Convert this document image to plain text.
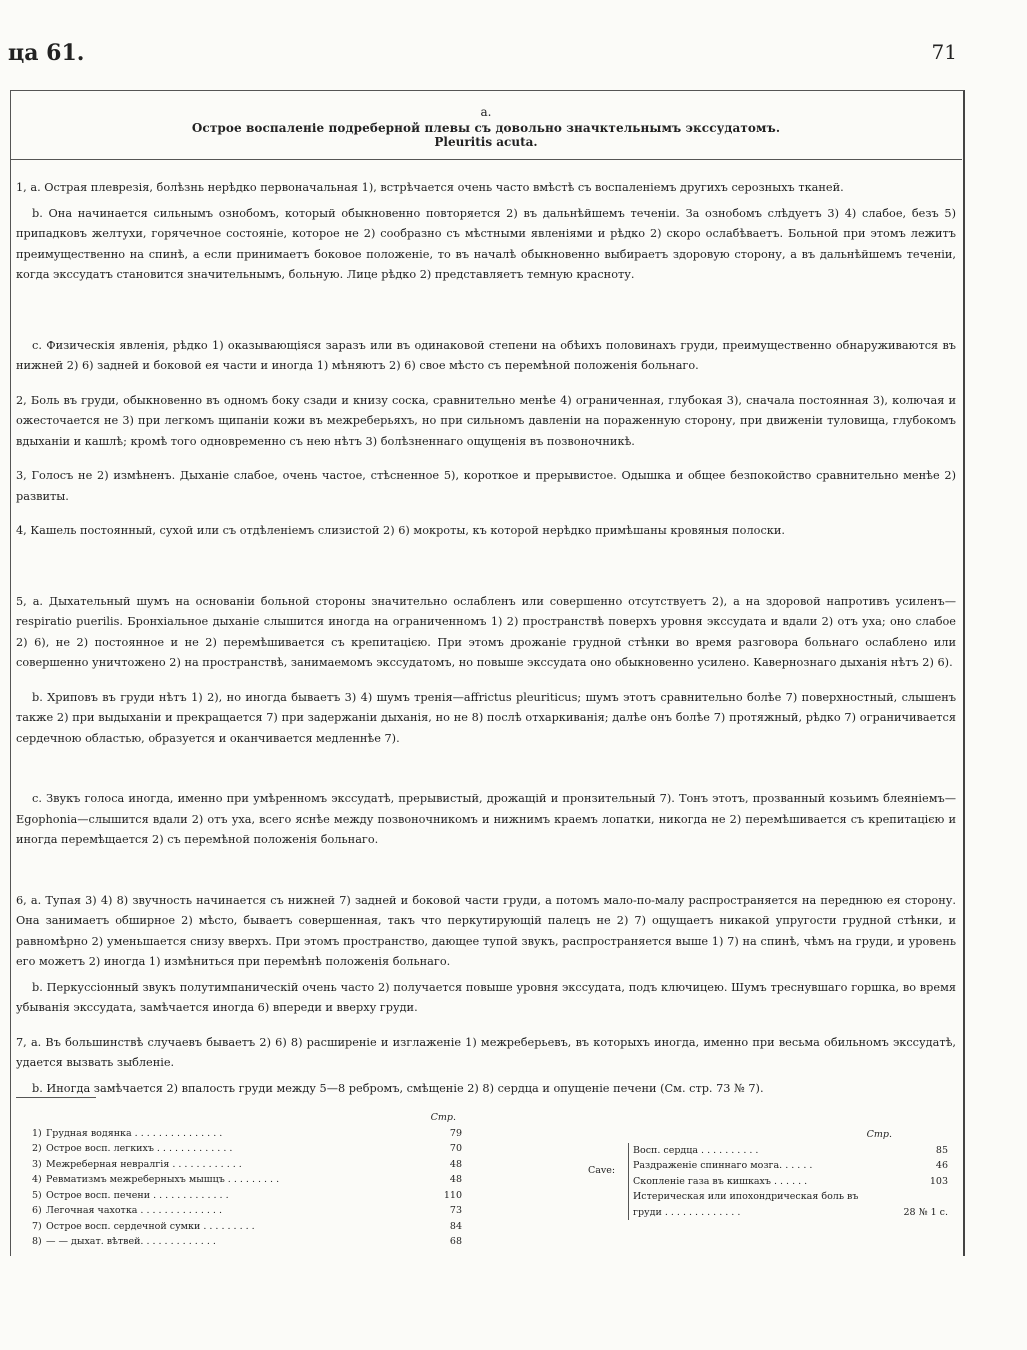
ца 61.	71
a.
Острое воспаленіе подреберной плевы съ довольно значктельнымъ экссудатомъ.
Pleuritis acuta.

1, а. Острая плеврезія, болѣзнь нерѣдко первоначальная 1), встрѣчается очень часто вмѣстѣ съ воспаленіемъ другихъ серозныхъ тканей.

b. Она начинается сильнымъ ознобомъ, который обыкновенно повторяется 2) въ дальнѣйшемъ теченіи. За ознобомъ слѣдуетъ 3) 4) слабое, безъ 5) припадковъ желтухи, горячечное состояніе, которое не 2) сообразно съ мѣстными явленіями и рѣдко 2) скоро ослабѣваетъ. Больной при этомъ лежитъ преимущественно на спинѣ, а если принимаетъ боковое положеніе, то въ началѣ обыкновенно выбираетъ здоровую сторону, а въ дальнѣйшемъ теченіи, когда экссудатъ становится значительнымъ, больную. Лице рѣдко 2) представляетъ темную красноту.

c. Физическія явленія, рѣдко 1) оказывающіяся заразъ или въ одинаковой степени на обѣихъ половинахъ груди, преимущественно обнаруживаются въ нижней 2) 6) задней и боковой ея части и иногда 1) мѣняютъ 2) 6) свое мѣсто съ перемѣной положенія больнаго.

2, Боль въ груди, обыкновенно въ одномъ боку сзади и книзу соска, сравнительно менѣе 4) ограниченная, глубокая 3), сначала постоянная 3), колючая и ожесточается не 3) при легкомъ щипаніи кожи въ межреберьяхъ, но при сильномъ давленіи на пораженную сторону, при движеніи туловища, глубокомъ вдыханіи и кашлѣ; кромѣ того одновременно съ нею нѣтъ 3) болѣзненнаго ощущенія въ позвоночникѣ.

3, Голосъ не 2) измѣненъ. Дыханіе слабое, очень частое, стѣсненное 5), короткое и прерывистое. Одышка и общее безпокойство сравнительно менѣе 2) развиты.

4, Кашель постоянный, сухой или съ отдѣленіемъ слизистой 2) 6) мокроты, къ которой нерѣдко примѣшаны кровяныя полоски.

5, а. Дыхательный шумъ на основаніи больной стороны значительно ослабленъ или совершенно отсутствуетъ 2), а на здоровой напротивъ усиленъ—respiratio puerilis. Бронхіальное дыханіе слышится иногда на ограниченномъ 1) 2) пространствѣ поверхъ уровня экссудата и вдали 2) отъ уха; оно слабое 2) 6), не 2) постоянное и не 2) перемѣшивается съ крепитацією. При этомъ дрожаніе грудной стѣнки во время разговора больнаго ослаблено или совершенно уничтожено 2) на пространствѣ, занимаемомъ экссудатомъ, но повыше экссудата оно обыкновенно усилено. Кавернознаго дыханія нѣтъ 2) 6).

b. Хриповъ въ груди нѣтъ 1) 2), но иногда бываетъ 3) 4) шумъ тренія—affrictus pleuriticus; шумъ этотъ сравнительно болѣе 7) поверхностный, слышенъ также 2) при выдыханіи и прекращается 7) при задержаніи дыханія, но не 8) послѣ отхаркиванія; далѣе онъ болѣе 7) протяжный, рѣдко 7) ограничивается сердечною областью, образуется и оканчивается медленнѣе 7).

c. Звукъ голоса иногда, именно при умѣренномъ экссудатѣ, прерывистый, дрожащій и пронзительный 7). Тонъ этотъ, прозванный козьимъ блеяніемъ—Egophonia—слышится вдали 2) отъ уха, всего яснѣе между позвоночникомъ и нижнимъ краемъ лопатки, никогда не 2) перемѣшивается съ крепитацією и иногда перемѣщается 2) съ перемѣной положенія больнаго.

6, а. Тупая 3) 4) 8) звучность начинается съ нижней 7) задней и боковой части груди, а потомъ мало-по-малу распространяется на переднюю ея сторону. Она занимаетъ обширное 2) мѣсто, бываетъ совершенная, такъ что перкутирующій палецъ не 2) 7) ощущаетъ никакой упругости грудной стѣнки, и равномѣрно 2) уменьшается снизу вверхъ. При этомъ пространство, дающее тупой звукъ, распространяется выше 1) 7) на спинѣ, чѣмъ на груди, и уровень его можетъ 2) иногда 1) измѣниться при перемѣнѣ положенія больнаго.

b. Перкуссіонный звукъ полутимпаническій очень часто 2) получается повыше уровня экссудата, подъ ключицею. Шумъ треснувшаго горшка, во время убыванія экссудата, замѣчается иногда 6) впереди и вверху груди.

7, а. Въ большинствѣ случаевъ бываетъ 2) 6) 8) расширеніе и изглаженіе 1) межреберьевъ, въ которыхъ иногда, именно при весьма обильномъ экссудатѣ, удается вызвать зыбленіе.

b. Иногда замѣчается 2) впалость груди между 5—8 ребромъ, смѣщеніе 2) 8) сердца и опущеніе печени (См. стр. 73 № 7).

Стр.
1) Грудная водянка . . . . . . . . . . . . . . .	79
2) Острое восп. легкихъ . . . . . . . . . . . . .	70
3) Межреберная невралгія . . . . . . . . . . . .	48
4) Ревматизмъ межреберныхъ мышцъ . . . . . . . . .	48
5) Острое восп. печени . . . . . . . . . . . . .	110
6) Легочная чахотка . . . . . . . . . . . . . .	73
7) Острое восп. сердечной сумки . . . . . . . . .	84
8) — — дыхат. вѣтвей. . . . . . . . . . . . .	68
Стр.
Cave:
Восп. сердца . . . . . . . . . .	85
Раздраженіе спиннаго мозга. . . . . .	46
Скопленіе газа въ кишкахъ . . . . . .	103
Истерическая или ипохондрическая боль въ
груди . . . . . . . . . . . . .	28 № 1 с.
